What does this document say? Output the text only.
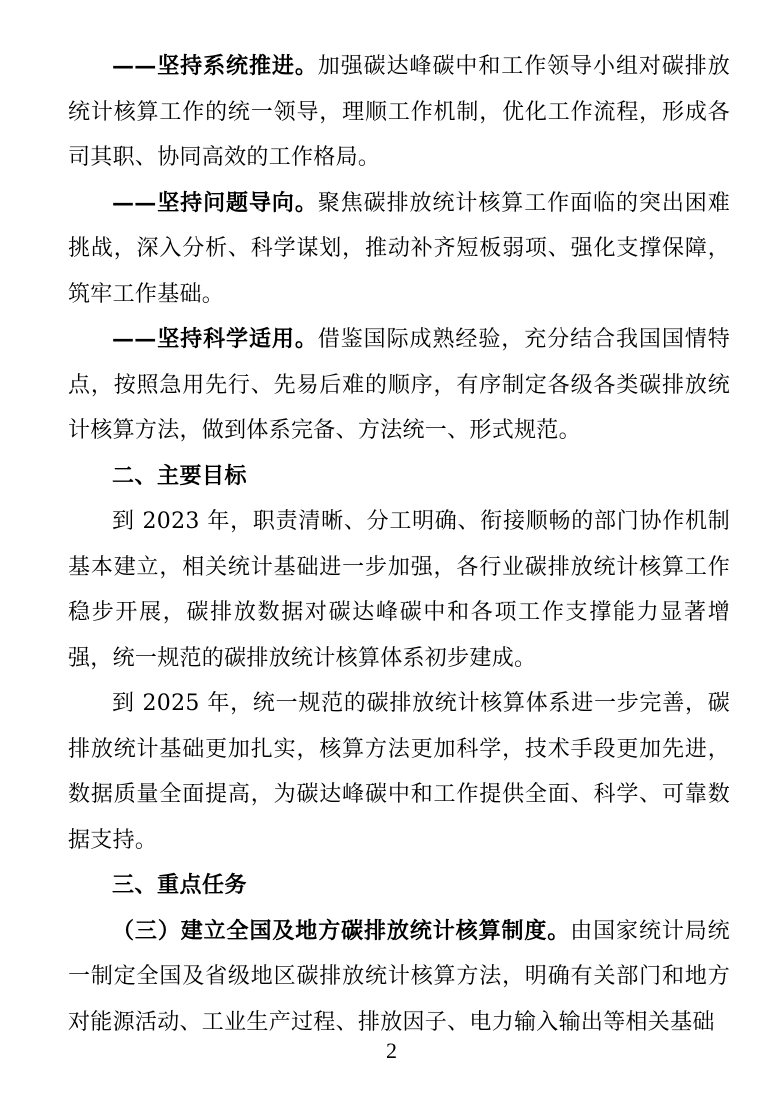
——坚持系统推进。加强碳达峰碳中和工作领导小组对碳排放统计核算工作的统一领导，理顺工作机制，优化工作流程，形成各司其职、协同高效的工作格局。

——坚持问题导向。聚焦碳排放统计核算工作面临的突出困难挑战，深入分析、科学谋划，推动补齐短板弱项、强化支撑保障，筑牢工作基础。

——坚持科学适用。借鉴国际成熟经验，充分结合我国国情特点，按照急用先行、先易后难的顺序，有序制定各级各类碳排放统计核算方法，做到体系完备、方法统一、形式规范。

二、主要目标

到 2023 年，职责清晰、分工明确、衔接顺畅的部门协作机制基本建立，相关统计基础进一步加强，各行业碳排放统计核算工作稳步开展，碳排放数据对碳达峰碳中和各项工作支撑能力显著增强，统一规范的碳排放统计核算体系初步建成。

到 2025 年，统一规范的碳排放统计核算体系进一步完善，碳排放统计基础更加扎实，核算方法更加科学，技术手段更加先进，数据质量全面提高，为碳达峰碳中和工作提供全面、科学、可靠数据支持。

三、重点任务

（三）建立全国及地方碳排放统计核算制度。由国家统计局统一制定全国及省级地区碳排放统计核算方法，明确有关部门和地方对能源活动、工业生产过程、排放因子、电力输入输出等相关基础

2
